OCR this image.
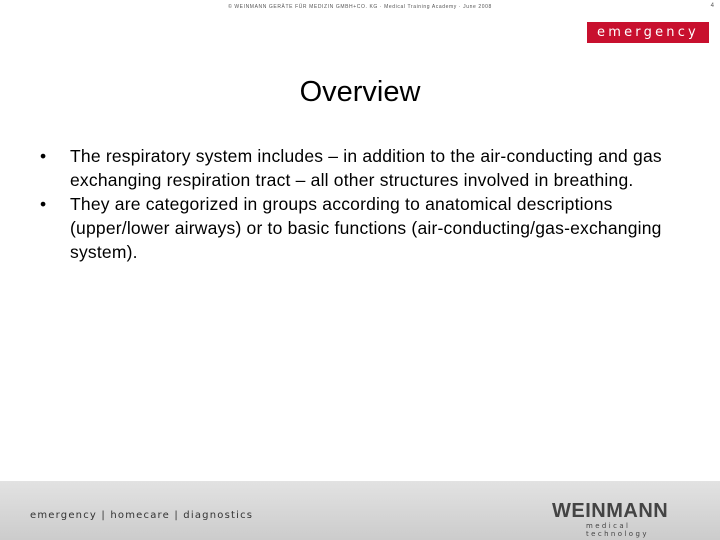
© WEINMANN GERÄTE FÜR MEDIZIN GMBH+CO. KG · Medical Training Academy · June 2008	4
emergency
Overview
•	The respiratory system includes – in addition to the air-conducting and gas exchanging respiration tract – all other structures involved in breathing.
•	They are categorized in groups according to anatomical descriptions (upper/lower airways) or to basic functions (air-conducting/gas-exchanging system).
emergency | homecare | diagnostics	WEINMANN
medical technology
